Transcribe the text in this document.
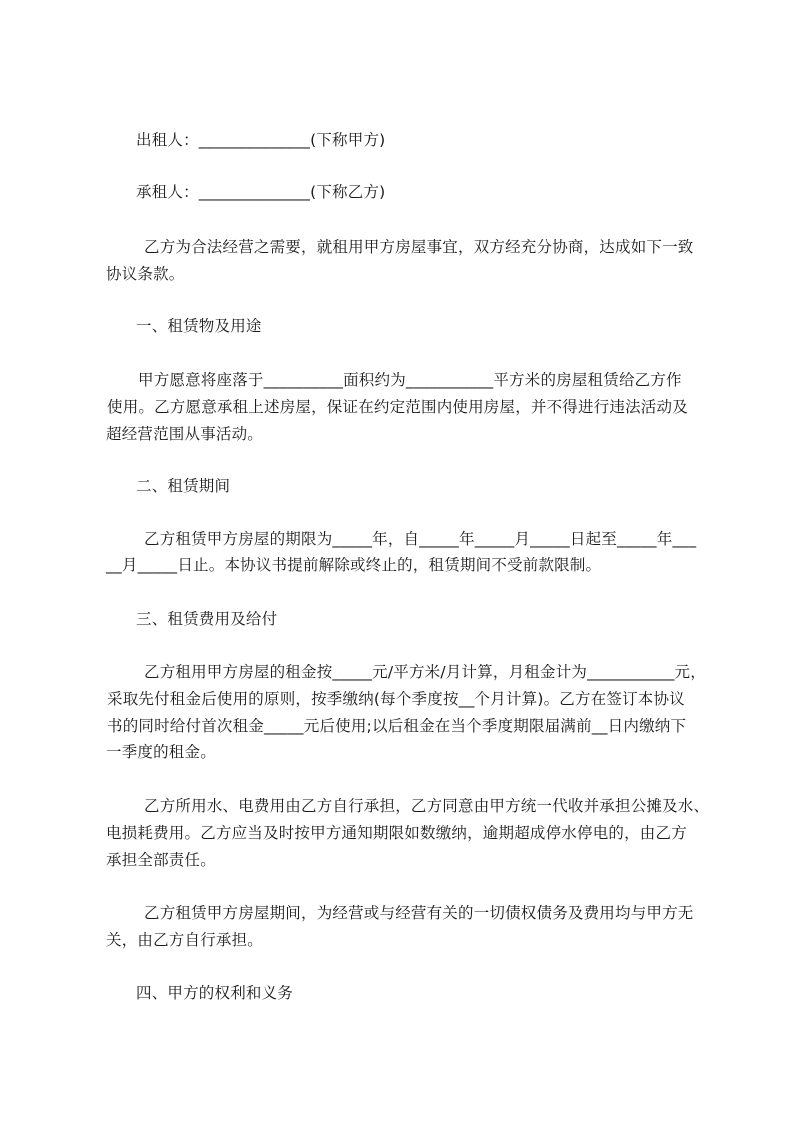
出租人：______________(下称甲方)
承租人：______________(下称乙方)
乙方为合法经营之需要，就租用甲方房屋事宜，双方经充分协商，达成如下一致
协议条款。
一、租赁物及用途
甲方愿意将座落于__________面积约为___________平方米的房屋租赁给乙方作
使用。乙方愿意承租上述房屋，保证在约定范围内使用房屋，并不得进行违法活动及
超经营范围从事活动。
二、租赁期间
乙方租赁甲方房屋的期限为_____年，自_____年_____月_____日起至_____年___
__月_____日止。本协议书提前解除或终止的，租赁期间不受前款限制。
三、租赁费用及给付
乙方租用甲方房屋的租金按_____元/平方米/月计算，月租金计为___________元，
采取先付租金后使用的原则，按季缴纳(每个季度按__个月计算)。乙方在签订本协议
书的同时给付首次租金_____元后使用;以后租金在当个季度期限届满前__日内缴纳下
一季度的租金。
乙方所用水、电费用由乙方自行承担，乙方同意由甲方统一代收并承担公摊及水、
电损耗费用。乙方应当及时按甲方通知期限如数缴纳，逾期超成停水停电的，由乙方
承担全部责任。
乙方租赁甲方房屋期间，为经营或与经营有关的一切债权债务及费用均与甲方无
关，由乙方自行承担。
四、甲方的权利和义务
